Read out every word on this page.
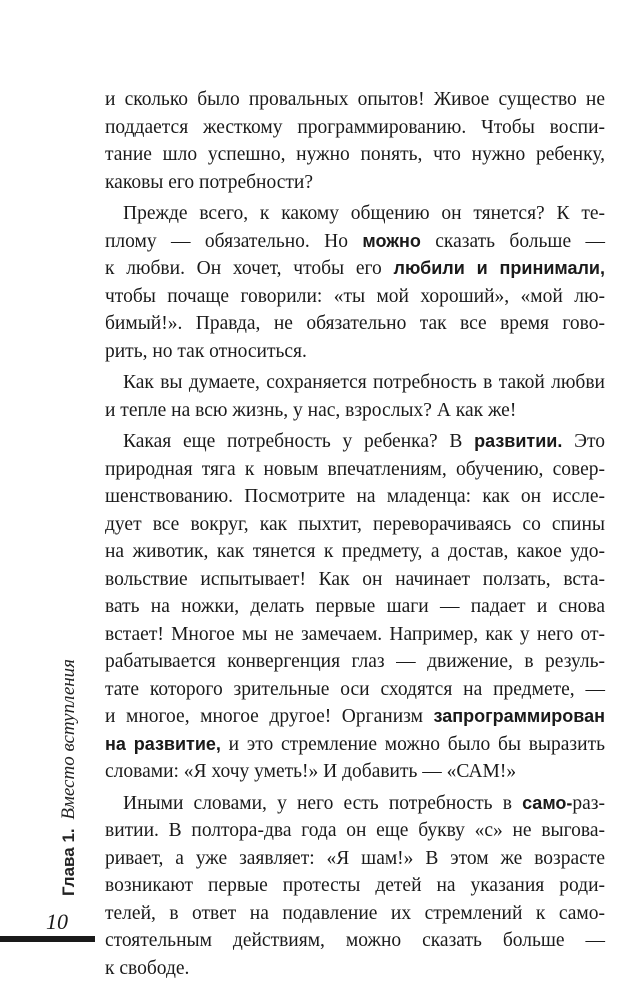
и сколько было провальных опытов! Живое существо не
поддается жесткому программированию. Чтобы воспи-
тание шло успешно, нужно понять, что нужно ребенку,
каковы его потребности?
Прежде всего, к какому общению он тянется? К те-
плому — обязательно. Но можно сказать больше —
к любви. Он хочет, чтобы его любили и принимали,
чтобы почаще говорили: «ты мой хороший», «мой лю-
бимый!». Правда, не обязательно так все время гово-
рить, но так относиться.
Как вы думаете, сохраняется потребность в такой любви
и тепле на всю жизнь, у нас, взрослых? А как же!
Какая еще потребность у ребенка? В развитии. Это
природная тяга к новым впечатлениям, обучению, совер-
шенствованию. Посмотрите на младенца: как он иссле-
дует все вокруг, как пыхтит, переворачиваясь со спины
на животик, как тянется к предмету, а достав, какое удо-
вольствие испытывает! Как он начинает ползать, вста-
вать на ножки, делать первые шаги — падает и снова
встает! Многое мы не замечаем. Например, как у него от-
рабатывается конвергенция глаз — движение, в резуль-
тате которого зрительные оси сходятся на предмете, —
и многое, многое другое! Организм запрограммирован
на развитие, и это стремление можно было бы выразить
словами: «Я хочу уметь!» И добавить — «САМ!»
Иными словами, у него есть потребность в само-раз-
витии. В полтора-два года он еще букву «с» не выгова-
ривает, а уже заявляет: «Я шам!» В этом же возрасте
возникают первые протесты детей на указания роди-
телей, в ответ на подавление их стремлений к само-
стоятельным действиям, можно сказать больше —
к свободе.
Глава 1. Вместо вступления
10
